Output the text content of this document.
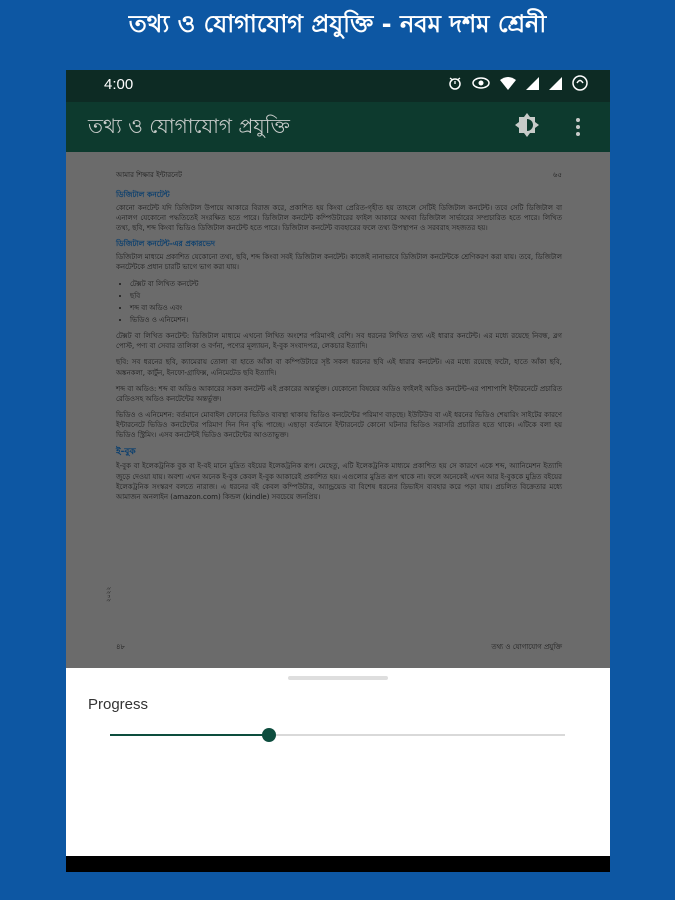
তথ্য ও যোগাযোগ প্রযুক্তি - নবম দশম শ্রেনী
4:00
তথ্য ও যোগাযোগ প্রযুক্তি
আমার শিক্ষার ইন্টারনেট	৬৫
ডিজিটাল কনটেন্ট
কোনো কনটেন্ট যদি ডিজিটাল উপায়ে আকারে বিরাজ করে, প্রকাশিত হয় কিংবা প্রেরিত-গৃহীত হয় তাহলে সেটিই ডিজিটাল কনটেন্ট। তবে সেটি ডিজিটাল বা এনালগ যেকোনো পদ্ধতিতেই সংরক্ষিত হতে পারে। ডিজিটাল কনটেন্ট কম্পিউটারের ফাইল আকারে অথবা ডিজিটাল সার্ভারের সম্প্রচারিত হতে পারে। লিখিত তথ্য, ছবি, শব্দ কিংবা ভিডিও ডিজিটাল কনটেন্ট হতে পারে। ডিজিটাল কনটেন্ট ব্যবহারের ফলে তথ্য উপস্থাপন ও সরবরাহ সহজতর হয়।
ডিজিটাল কনটেন্ট-এর প্রকারভেদ
ডিজিটাল মাধ্যমে প্রকাশিত যেকোনো তথ্য, ছবি, শব্দ কিংবা সবই ডিজিটাল কনটেন্ট। কাজেই নানাভাবে ডিজিটাল কনটেন্টকে শ্রেণিকরণ করা যায়। তবে, ডিজিটাল কনটেন্টকে প্রধান চারটি ভাগে ভাগ করা যায়।
• টেক্সট বা লিখিত কনটেন্ট
• ছবি
• শব্দ বা অডিও এবং
• ভিডিও ও এনিমেশন।
টেক্সট বা লিখিত কনটেন্ট: ডিজিটাল মাধ্যমে এখনো লিখিত অংশের পরিমাণই বেশি। সব ধরনের লিখিত তথ্য এই ধারার কনটেন্ট। এর মধ্যে রয়েছে নিবন্ধ, ব্লগ পোস্ট, পণ্য বা সেবার তালিকা ও বর্ণনা, পণ্যের মূল্যায়ন, ই-বুক সংবাদপত্র, লেকচার ইত্যাদি।
ছবি: সব ধরনের ছবি, ক্যামেরায় তোলা বা হাতে আঁকা বা কম্পিউটারে সৃষ্ট সকল ধরনের ছবি এই ধারার কনটেন্ট। এর মধ্যে রয়েছে ফটো, হাতে আঁকা ছবি, অঙ্কনকলা, কার্টুন, ইনফো-গ্রাফিক্স, এনিমেটেড ছবি ইত্যাদি।
শব্দ বা অডিও: শব্দ বা অডিও আকারের সকল কনটেন্ট এই প্রকারের অন্তর্ভুক্ত। যেকোনো বিষয়ের অডিও ফাইলই অডিও কনটেন্ট-এর পাশাপাশি ইন্টারনেটে প্রচারিত রেডিওসহ অডিও কনটেন্টের অন্তর্ভুক্ত।
ভিডিও ও এনিমেশন: বর্তমানে মোবাইল ফোনের ভিডিও ব্যবস্থা থাকায় ভিডিও কনটেন্টের পরিমাণ বাড়ছে। ইউটিউব বা এই ধরনের ভিডিও শেয়ারিং সাইটের কারণে ইন্টারনেটে ভিডিও কনটেন্টের পরিমাণ দিন দিন বৃদ্ধি পাচ্ছে। এছাড়া বর্তমানে ইন্টারনেটে কোনো ঘটনার ভিডিও সরাসরি প্রচারিত হতে থাকে। এটিকে বলা হয় ভিডিও স্ট্রিমিং। এসব কনটেন্টই ভিডিও কনটেন্টের আওতাভুক্ত।
ই-বুক
ই-বুক বা ইলেকট্রনিক বুক বা ই-বই মানে মুদ্রিত বইয়ের ইলেকট্রনিক রূপ। মেহেতু, এটি ইলেকট্রনিক মাধ্যমে প্রকাশিত হয় সে কারণে একে শব্দ, অ্যানিমেশন ইত্যাদি জুড়ে দেওয়া যায়। অবশ্য এখন অনেক ই-বুক কেবল ই-বুক আকারেই প্রকাশিত হয়। এগুলোর মুদ্রিত রূপ থাকে না। ফলে অনেকেই এখন আর ই-বুককে মুদ্রিত বইয়ের ইলেকট্রনিক সংস্করণ বলতে নারাজ। এ ধরনের বই কেবল কম্পিউটার, অ্যান্ড্রয়েড বা বিশেষ ধরনের ডিভাইস ব্যবহার করে পড়া যায়। প্রচলিত বিক্রেতার মধ্যে আমাজন অনলাইন (amazon.com) কিন্ডল (kindle) সবচেয়ে জনপ্রিয়।
২০২২
৪৮	তথ্য ও যোগাযোগ প্রযুক্তি
Progress
